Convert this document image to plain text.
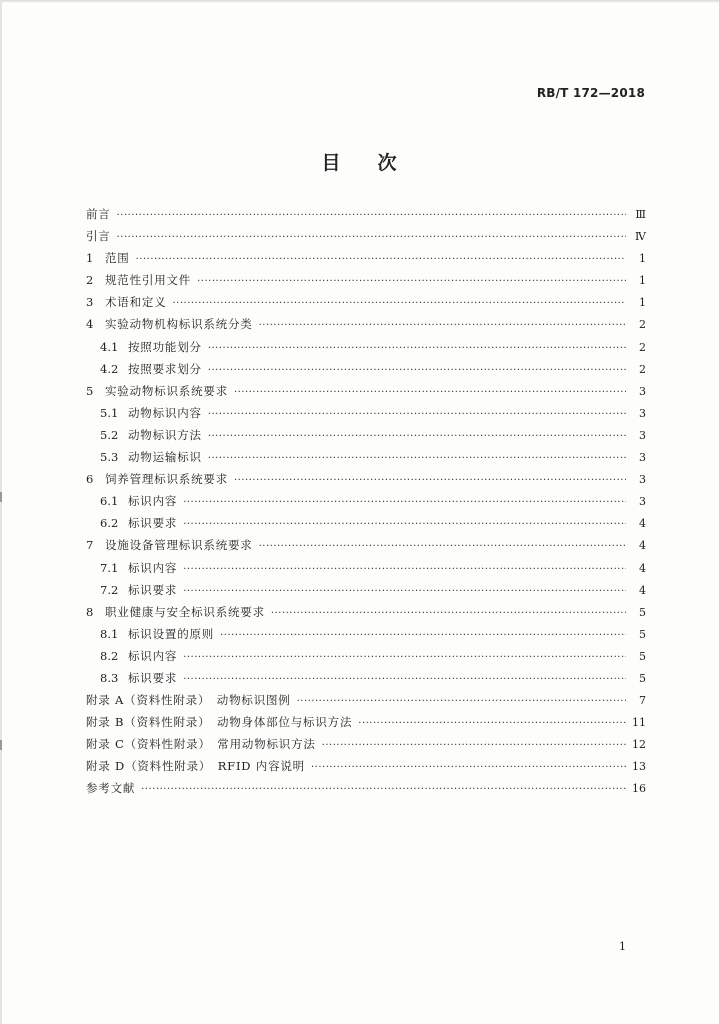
RB/T 172—2018
目 次
前言 ·····	Ⅲ
引言 ·····	Ⅳ
1	范围 ·····	1
2	规范性引用文件 ·····	1
3	术语和定义 ·····	1
4	实验动物机构标识系统分类 ·····	2
4.1 按照功能划分 ·····	2
4.2 按照要求划分 ·····	2
5	实验动物标识系统要求 ·····	3
5.1 动物标识内容 ·····	3
5.2 动物标识方法 ·····	3
5.3 动物运输标识 ·····	3
6	饲养管理标识系统要求 ·····	3
6.1 标识内容 ·····	3
6.2 标识要求 ·····	4
7	设施设备管理标识系统要求 ·····	4
7.1 标识内容 ·····	4
7.2 标识要求 ·····	4
8	职业健康与安全标识系统要求 ·····	5
8.1 标识设置的原则 ·····	5
8.2 标识内容 ·····	5
8.3 标识要求 ·····	5
附录 A（资料性附录）　动物标识图例 ·····	7
附录 B（资料性附录）　动物身体部位与标识方法 ·····	11
附录 C（资料性附录）　常用动物标识方法 ·····	12
附录 D（资料性附录）　RFID 内容说明 ·····	13
参考文献 ·····	16
1
